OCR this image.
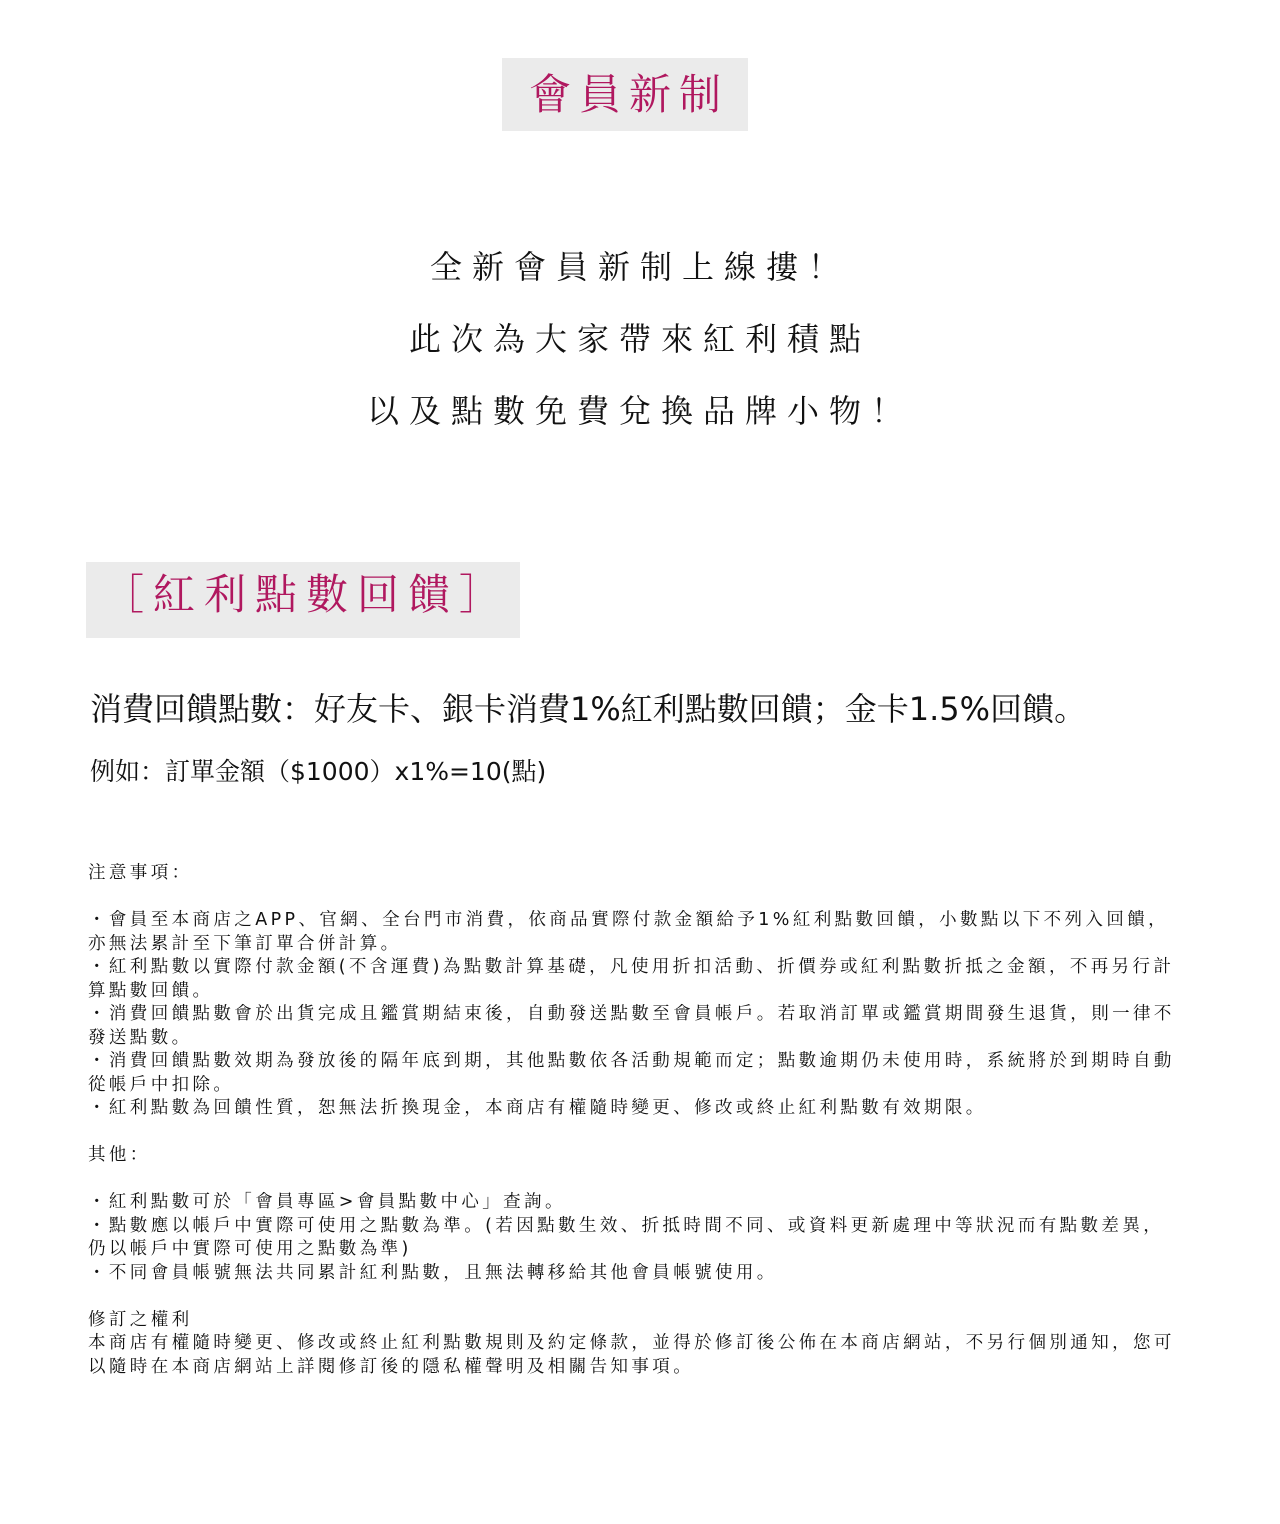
會員新制
全新會員新制上線摟！
此次為大家帶來紅利積點
以及點數免費兌換品牌小物！
［紅利點數回饋］
消費回饋點數：好友卡、銀卡消費1%紅利點數回饋；金卡1.5%回饋。
例如：訂單金額（$1000）x1%=10(點)

注意事項：

・會員至本商店之APP、官網、全台門市消費，依商品實際付款金額給予1%紅利點數回饋，小數點以下不列入回饋，亦無法累計至下筆訂單合併計算。

・紅利點數以實際付款金額(不含運費)為點數計算基礎，凡使用折扣活動、折價券或紅利點數折抵之金額，不再另行計算點數回饋。

・消費回饋點數會於出貨完成且鑑賞期結束後，自動發送點數至會員帳戶。若取消訂單或鑑賞期間發生退貨，則一律不發送點數。

・消費回饋點數效期為發放後的隔年底到期，其他點數依各活動規範而定；點數逾期仍未使用時，系統將於到期時自動從帳戶中扣除。

・紅利點數為回饋性質，恕無法折換現金，本商店有權隨時變更、修改或終止紅利點數有效期限。

其他：

・紅利點數可於「會員專區>會員點數中心」查詢。

・點數應以帳戶中實際可使用之點數為準。(若因點數生效、折抵時間不同、或資料更新處理中等狀況而有點數差異，仍以帳戶中實際可使用之點數為準)

・不同會員帳號無法共同累計紅利點數，且無法轉移給其他會員帳號使用。

修訂之權利

本商店有權隨時變更、修改或終止紅利點數規則及約定條款，並得於修訂後公佈在本商店網站，不另行個別通知，您可以隨時在本商店網站上詳閱修訂後的隱私權聲明及相關告知事項。
